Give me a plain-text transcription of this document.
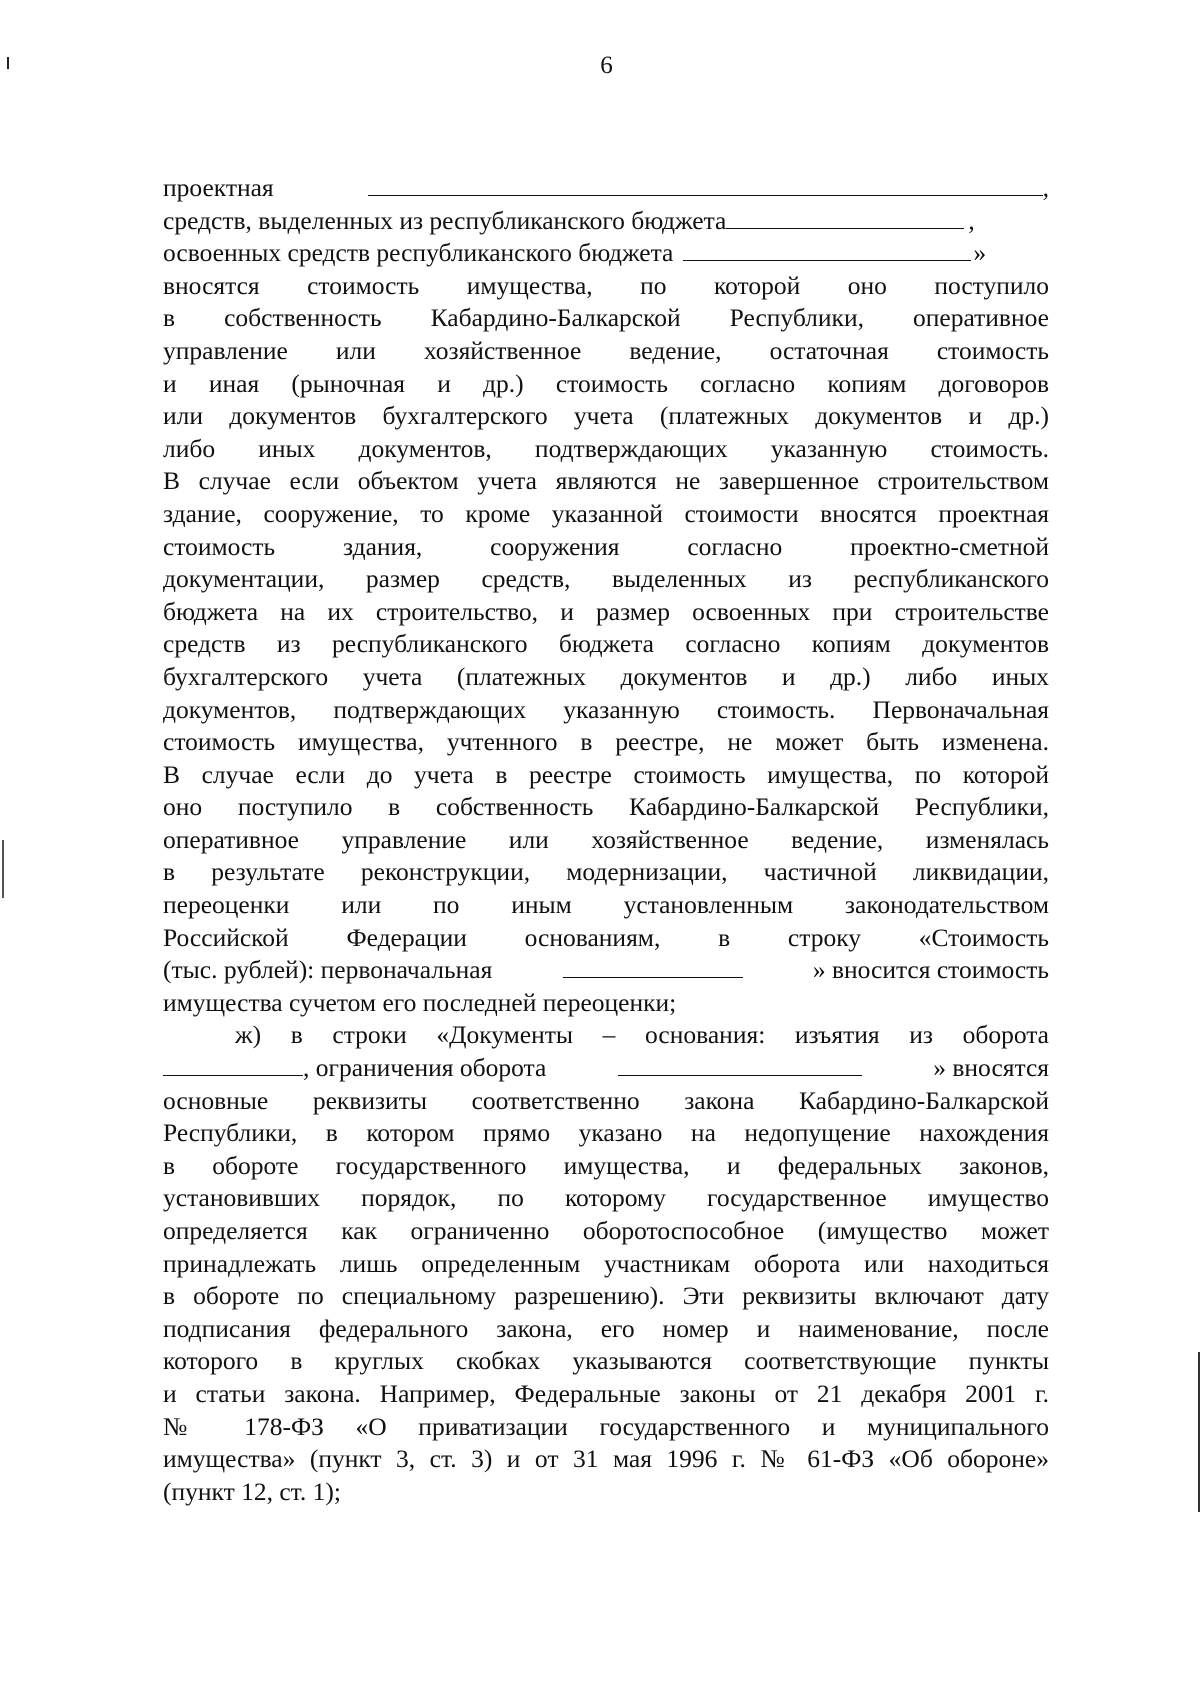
6
проектная	,
средств, выделенных из республиканского бюджета	,
освоенных средств республиканского бюджета	»
вносятся стоимость имущества, по которой оно поступило
в собственность Кабардино-Балкарской Республики, оперативное
управление или хозяйственное ведение, остаточная стоимость
и иная (рыночная и др.) стоимость согласно копиям договоров
или документов бухгалтерского учета (платежных документов и др.)
либо иных документов, подтверждающих указанную стоимость.
В случае если объектом учета являются не завершенное строительством
здание, сооружение, то кроме указанной стоимости вносятся проектная
стоимость здания, сооружения согласно проектно-сметной
документации, размер средств, выделенных из республиканского
бюджета на их строительство, и размер освоенных при строительстве
средств из республиканского бюджета согласно копиям документов
бухгалтерского учета (платежных документов и др.) либо иных
документов, подтверждающих указанную стоимость. Первоначальная
стоимость имущества, учтенного в реестре, не может быть изменена.
В случае если до учета в реестре стоимость имущества, по которой
оно поступило в собственность Кабардино-Балкарской Республики,
оперативное управление или хозяйственное ведение, изменялась
в результате реконструкции, модернизации, частичной ликвидации,
переоценки или по иным установленным законодательством
Российской Федерации основаниям, в строку «Стоимость
(тыс. рублей): первоначальная	» вносится стоимость
имущества сучетом его последней переоценки;
ж) в строки «Документы – основания: изъятия из оборота
, ограничения оборота	» вносятся
основные реквизиты соответственно закона Кабардино-Балкарской
Республики, в котором прямо указано на недопущение нахождения
в обороте государственного имущества, и федеральных законов,
установивших порядок, по которому государственное имущество
определяется как ограниченно оборотоспособное (имущество может
принадлежать лишь определенным участникам оборота или находиться
в обороте по специальному разрешению). Эти реквизиты включают дату
подписания федерального закона, его номер и наименование, после
которого в круглых скобках указываются соответствующие пункты
и статьи закона. Например, Федеральные законы от 21 декабря 2001 г.
№ 178-ФЗ «О приватизации государственного и муниципального
имущества» (пункт 3, ст. 3) и от 31 мая 1996 г. № 61-ФЗ «Об обороне»
(пункт 12, ст. 1);
